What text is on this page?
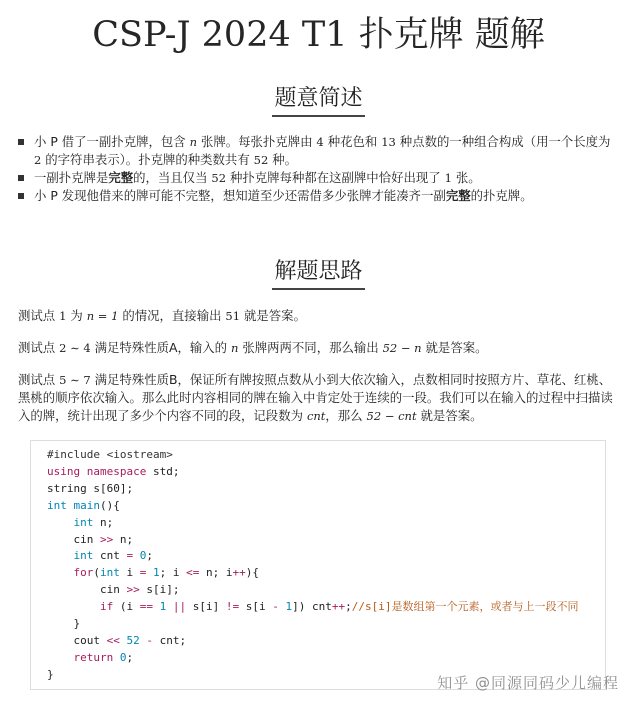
CSP-J 2024 T1 扑克牌 题解
题意简述
小 P 借了一副扑克牌，包含 n 张牌。每张扑克牌由 4 种花色和 13 种点数的一种组合构成（用一个长度为 2 的字符串表示）。扑克牌的种类数共有 52 种。
一副扑克牌是完整的，当且仅当 52 种扑克牌每种都在这副牌中恰好出现了 1 张。
小 P 发现他借来的牌可能不完整，想知道至少还需借多少张牌才能凑齐一副完整的扑克牌。
解题思路

测试点 1 为 n = 1 的情况，直接输出 51 就是答案。

测试点 2 ∼ 4 满足特殊性质A，输入的 n 张牌两两不同，那么输出 52 − n 就是答案。

测试点 5 ∼ 7 满足特殊性质B，保证所有牌按照点数从小到大依次输入，点数相同时按照方片、草花、红桃、黑桃的顺序依次输入。那么此时内容相同的牌在输入中肯定处于连续的一段。我们可以在输入的过程中扫描读入的牌，统计出现了多少个内容不同的段，记段数为 cnt，那么 52 − cnt 就是答案。

#include <iostream>
using namespace std;
string s[60];
int main(){
int n;
cin >> n;
int cnt = 0;
for(int i = 1; i <= n; i++){
cin >> s[i];
if (i == 1 || s[i] != s[i - 1]) cnt++;//s[i]是数组第一个元素，或者与上一段不同
}
cout << 52 - cnt;
return 0;
}	知乎 @同源同码少儿编程
